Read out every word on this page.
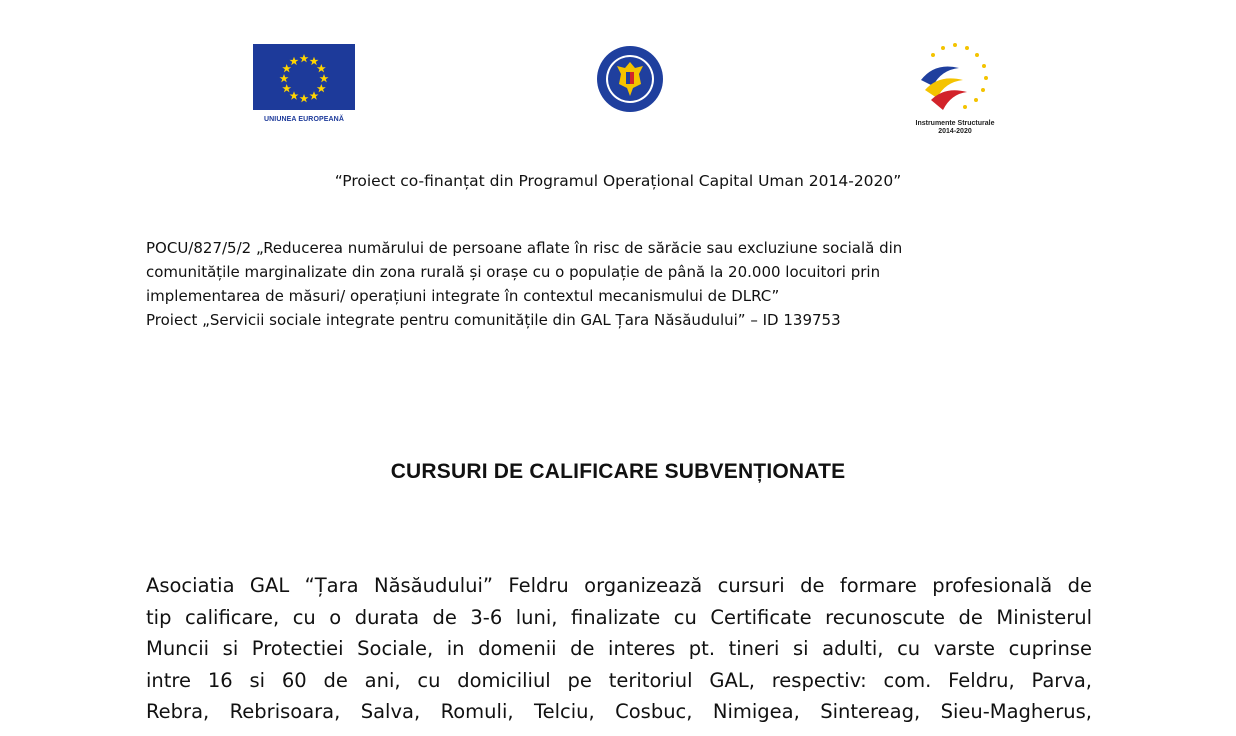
UNIUNEA EUROPEANĂ
Instrumente Structurale
2014-2020
“Proiect co-finanțat din Programul Operațional Capital Uman 2014-2020”
POCU/827/5/2 „Reducerea numărului de persoane aflate în risc de sărăcie sau excluziune socială din
comunitățile marginalizate din zona rurală și orașe cu o populație de până la 20.000 locuitori prin
implementarea de măsuri/ operațiuni integrate în contextul mecanismului de DLRC”
Proiect „Servicii sociale integrate pentru comunitățile din GAL Țara Năsăudului” – ID 139753
CURSURI DE CALIFICARE SUBVENȚIONATE
Asociatia GAL “Țara Năsăudului” Feldru organizează cursuri de formare profesională de
tip calificare, cu o durata de 3-6 luni, finalizate cu Certificate recunoscute de Ministerul
Muncii si Protectiei Sociale, in domenii de interes pt. tineri si adulti, cu varste cuprinse
intre 16 si 60 de ani, cu domiciliul pe teritoriul GAL, respectiv: com. Feldru, Parva,
Rebra, Rebrisoara, Salva, Romuli, Telciu, Cosbuc, Nimigea, Sintereag, Sieu-Magherus,
